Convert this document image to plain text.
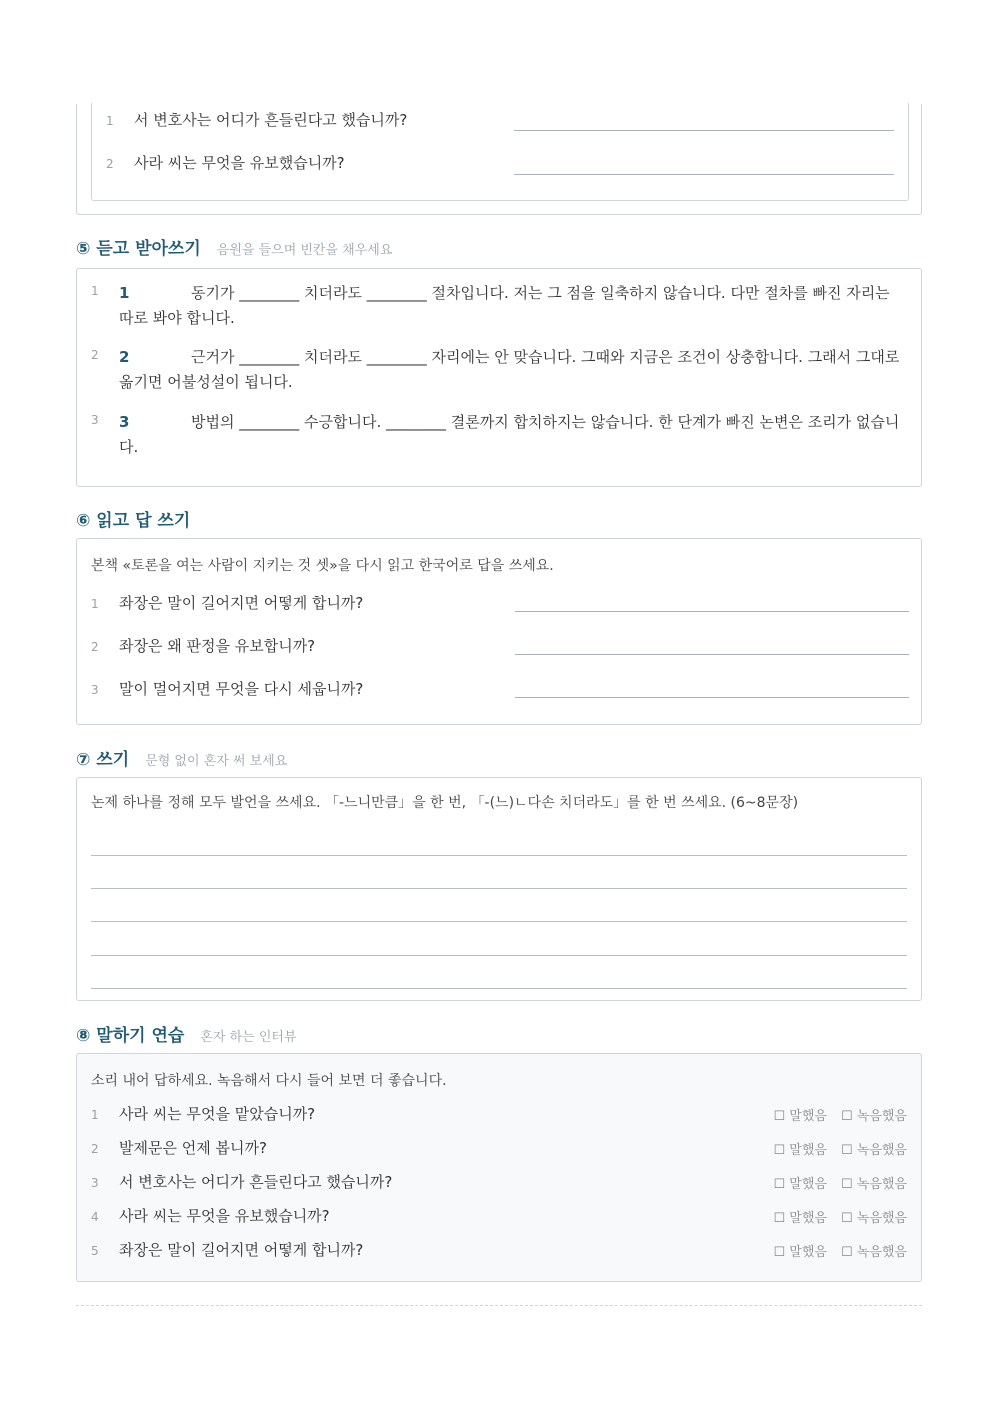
1	서 변호사는 어디가 흔들린다고 했습니까?
2	사라 씨는 무엇을 유보했습니까?
⑤ 듣고 받아쓰기 음원을 들으며 빈칸을 채우세요
1 1	동기가 ________ 치더라도 ________ 절차입니다. 저는 그 점을 일축하지 않습니다. 다만 절차를 빠진 자리는 따로 봐야 합니다.
2 2	근거가 ________ 치더라도 ________ 자리에는 안 맞습니다. 그때와 지금은 조건이 상충합니다. 그래서 그대로 옮기면 어불성설이 됩니다.
3 3	방법의 ________ 수긍합니다. ________ 결론까지 합치하지는 않습니다. 한 단계가 빠진 논변은 조리가 없습니다.
⑥ 읽고 답 쓰기
본책 «토론을 여는 사람이 지키는 것 셋»을 다시 읽고 한국어로 답을 쓰세요.
1	좌장은 말이 길어지면 어떻게 합니까?
2	좌장은 왜 판정을 유보합니까?
3	말이 멀어지면 무엇을 다시 세웁니까?
⑦ 쓰기 문형 없이 혼자 써 보세요
논제 하나를 정해 모두 발언을 쓰세요. 「-느니만큼」을 한 번, 「-(느)ㄴ다손 치더라도」를 한 번 쓰세요. (6~8문장)
⑧ 말하기 연습 혼자 하는 인터뷰
소리 내어 답하세요. 녹음해서 다시 들어 보면 더 좋습니다.
1	사라 씨는 무엇을 맡았습니까?	☐ 말했음 ☐ 녹음했음
2	발제문은 언제 봅니까?	☐ 말했음 ☐ 녹음했음
3	서 변호사는 어디가 흔들린다고 했습니까?	☐ 말했음 ☐ 녹음했음
4	사라 씨는 무엇을 유보했습니까?	☐ 말했음 ☐ 녹음했음
5	좌장은 말이 길어지면 어떻게 합니까?	☐ 말했음 ☐ 녹음했음
